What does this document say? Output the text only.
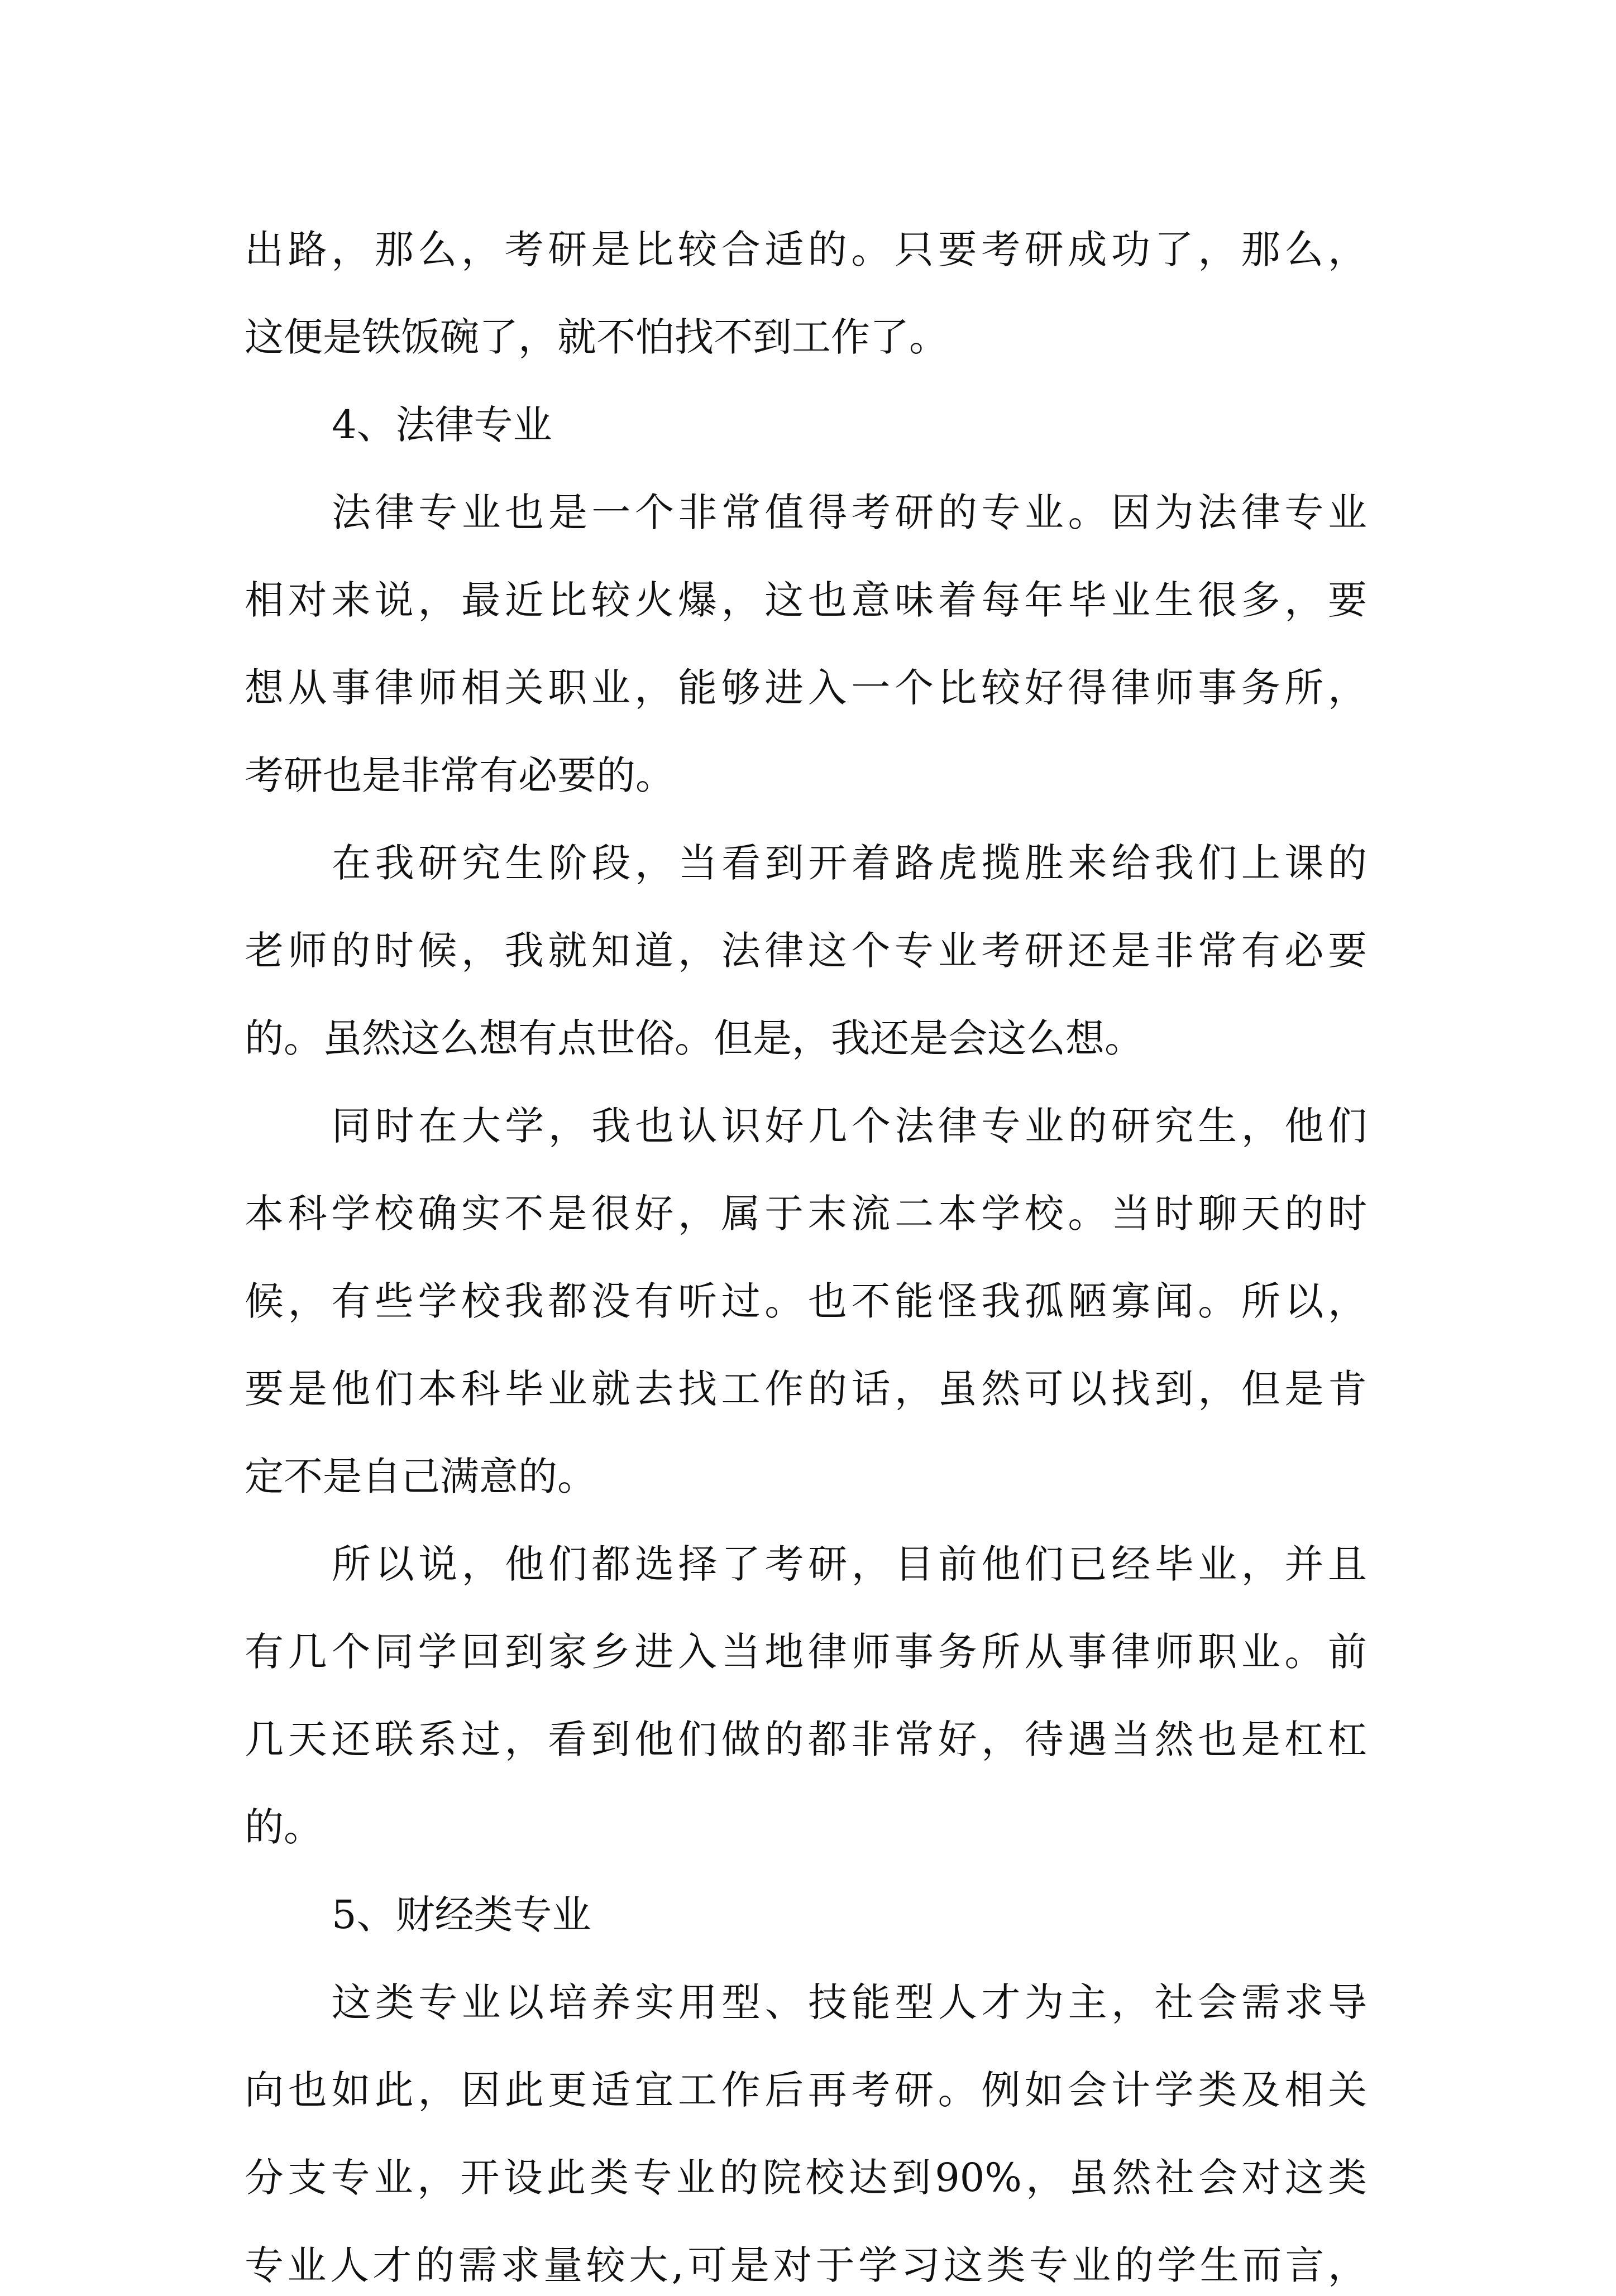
出路，那么，考研是比较合适的。只要考研成功了，那么，

这便是铁饭碗了，就不怕找不到工作了。

4、法律专业

法律专业也是一个非常值得考研的专业。因为法律专业

相对来说，最近比较火爆，这也意味着每年毕业生很多，要

想从事律师相关职业，能够进入一个比较好得律师事务所，

考研也是非常有必要的。

在我研究生阶段，当看到开着路虎揽胜来给我们上课的

老师的时候，我就知道，法律这个专业考研还是非常有必要

的。虽然这么想有点世俗。但是，我还是会这么想。

同时在大学，我也认识好几个法律专业的研究生，他们

本科学校确实不是很好，属于末流二本学校。当时聊天的时

候，有些学校我都没有听过。也不能怪我孤陋寡闻。所以，

要是他们本科毕业就去找工作的话，虽然可以找到，但是肯

定不是自己满意的。

所以说，他们都选择了考研，目前他们已经毕业，并且

有几个同学回到家乡进入当地律师事务所从事律师职业。前

几天还联系过，看到他们做的都非常好，待遇当然也是杠杠

的。

5、财经类专业

这类专业以培养实用型、技能型人才为主，社会需求导

向也如此，因此更适宜工作后再考研。例如会计学类及相关

分支专业，开设此类专业的院校达到90%，虽然社会对这类

专业人才的需求量较大,可是对于学习这类专业的学生而言，
